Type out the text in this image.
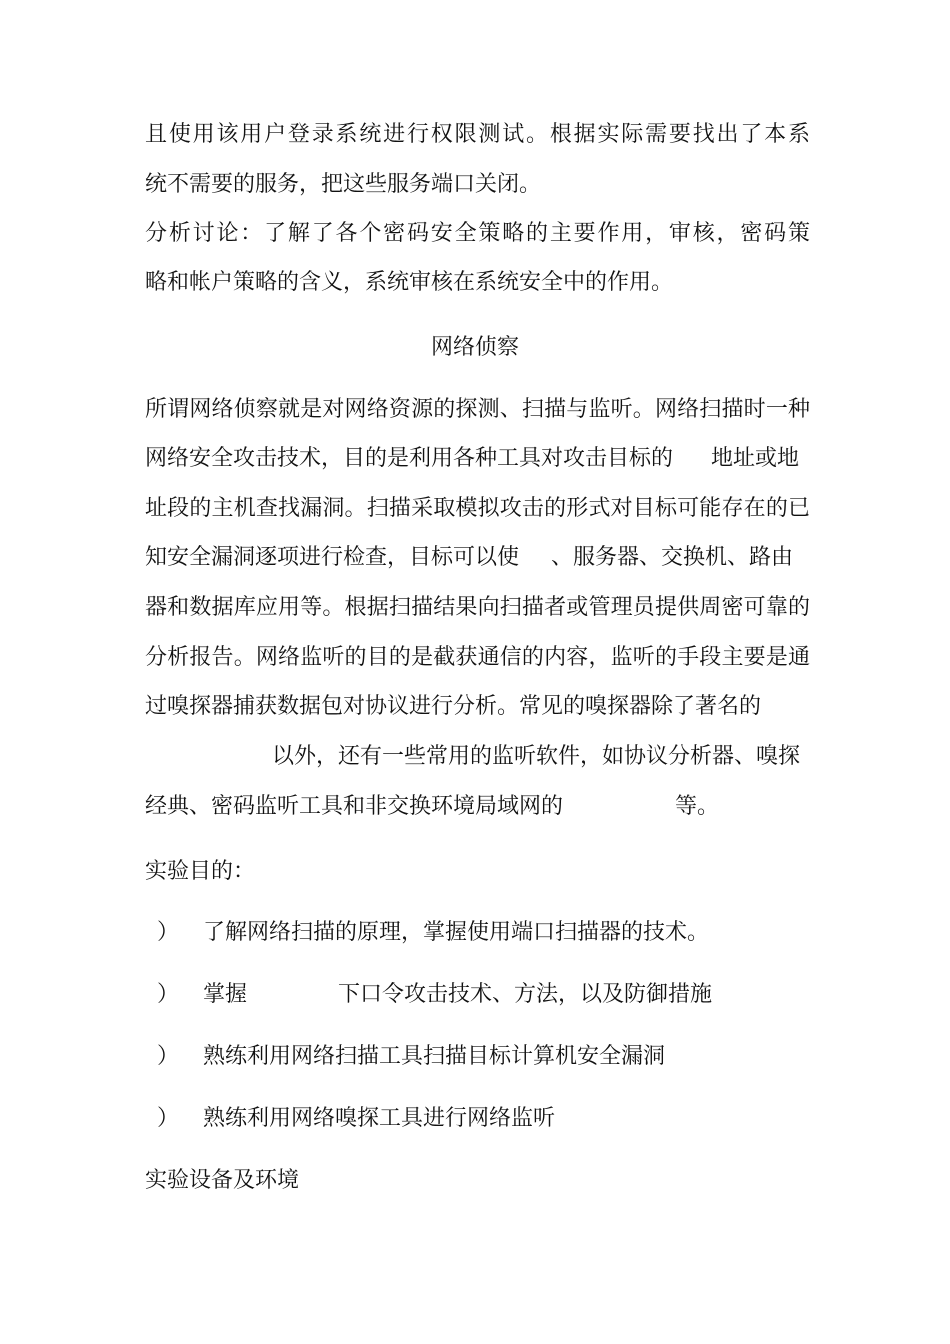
且使用该用户登录系统进行权限测试。根据实际需要找出了本系
统不需要的服务，把这些服务端口关闭。
分析讨论：了解了各个密码安全策略的主要作用，审核，密码策
略和帐户策略的含义，系统审核在系统安全中的作用。
网络侦察
所谓网络侦察就是对网络资源的探测、扫描与监听。网络扫描时一种
网络安全攻击技术，目的是利用各种工具对攻击目标的 地址或地
址段的主机查找漏洞。扫描采取模拟攻击的形式对目标可能存在的已
知安全漏洞逐项进行检查，目标可以使 、服务器、交换机、路由
器和数据库应用等。根据扫描结果向扫描者或管理员提供周密可靠的
分析报告。网络监听的目的是截获通信的内容，监听的手段主要是通
过嗅探器捕获数据包对协议进行分析。常见的嗅探器除了著名的
以外，还有一些常用的监听软件，如协议分析器、嗅探
经典、密码监听工具和非交换环境局域网的	等。
实验目的：
） 了解网络扫描的原理，掌握使用端口扫描器的技术。
） 掌握	下口令攻击技术、方法，以及防御措施
） 熟练利用网络扫描工具扫描目标计算机安全漏洞
） 熟练利用网络嗅探工具进行网络监听
实验设备及环境
